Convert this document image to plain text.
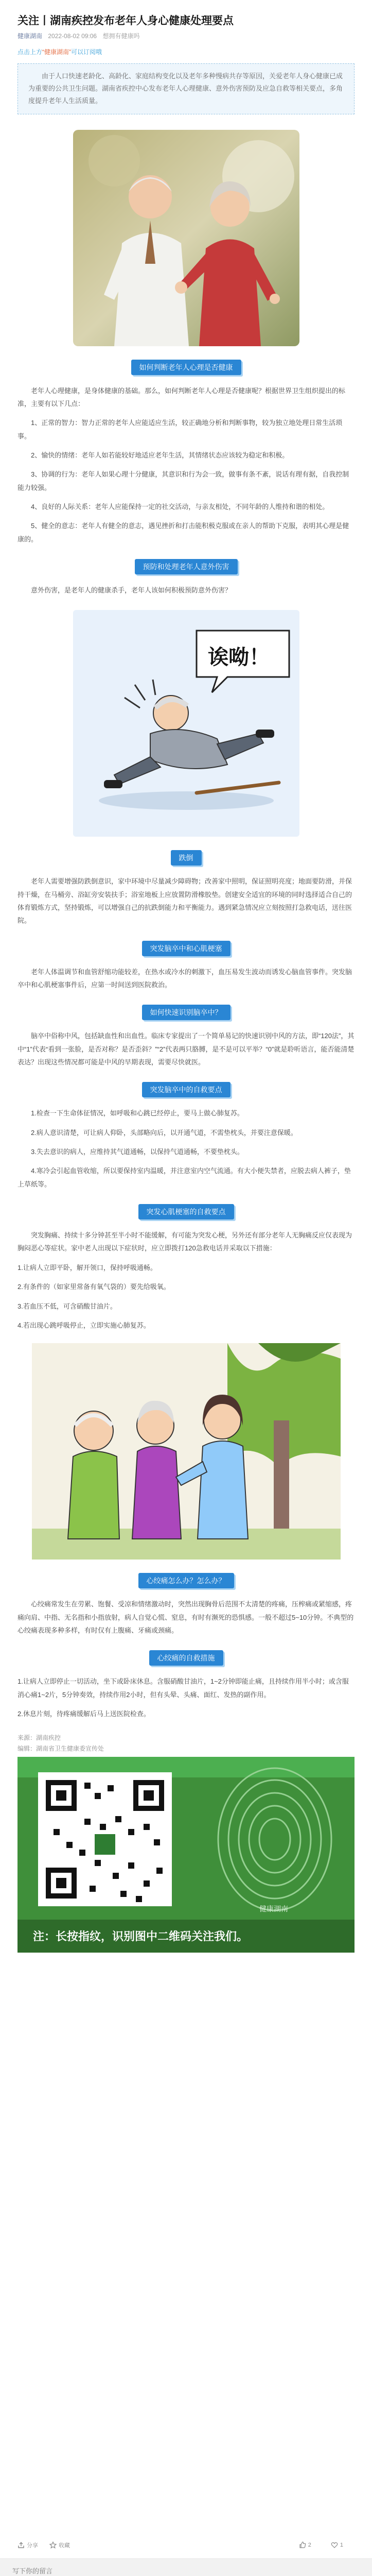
关注丨湖南疾控发布老年人身心健康处理要点
健康湖南 2022-08-02 09:06 想拥有健康吗
点击上方“健康湖南”可以订阅哦

由于人口快速老龄化、高龄化、家庭结构变化以及老年多种慢病共存等原因，关爱老年人身心健康已成为重要的公共卫生问题。湖南省疾控中心发布老年人心理健康、意外伤害预防及应急自救等相关要点，多角度提升老年人生活质量。

如何判断老年人心理是否健康

老年人心理健康，是身体健康的基础。那么，如何判断老年人心理是否健康呢？根据世界卫生组织提出的标准，主要有以下几点：

1、正常的智力：智力正常的老年人应能适应生活，较正确地分析和判断事物，较为独立地处理日常生活琐事。

2、愉快的情绪：老年人如若能较好地适应老年生活，其情绪状态应该较为稳定和积极。

3、协调的行为：老年人如果心理十分健康，其意识和行为会一致，做事有条不紊，说话有理有据，自我控制能力较强。

4、良好的人际关系：老年人应能保持一定的社交活动，与亲友相处，不同年龄的人维持和谐的相处。

5、健全的意志：老年人有健全的意志，遇见挫折和打击能积极克服或在亲人的帮助下克服，表明其心理是健康的。

预防和处理老年人意外伤害

意外伤害，是老年人的健康杀手，老年人该如何积极预防意外伤害？

诶呦！
跌倒

老年人需要增强防跌倒意识，家中环境中尽量减少障碍物；改善家中照明，保证照明亮度；地面要防滑，并保持干燥，在马桶旁、浴缸旁安装扶手；浴室地板上应放置防滑橡胶垫。创建安全适宜的环境的同时选择适合自己的体育锻炼方式，坚持锻炼，可以增强自己的抗跌倒能力和平衡能力。遇到紧急情况应立刻按照打急救电话，送往医院。

突发脑卒中和心肌梗塞

老年人体温调节和血管舒缩功能较差，在热水或冷水的刺激下，血压易发生波动而诱发心脑血管事件。突发脑卒中和心肌梗塞事件后，应第一时间送到医院救治。

如何快速识别脑卒中？

脑卒中俗称中风，包括缺血性和出血性。临床专家提出了一个简单易记的快速识别中风的方法，即“120法”，其中“1”代表“看到一张脸，是否对称？是否歪斜？”“2”代表两只胳膊，是不是可以平举？“0”就是聆听语言，能否能清楚表达？出现这些情况都可能是中风的早期表现，需要尽快就医。

突发脑卒中的自救要点

1.检查一下生命体征情况，如呼吸和心跳已经停止，要马上做心肺复苏。

2.病人意识清楚，可让病人仰卧，头部略向后，以开通气道，不需垫枕头，并要注意保暖。

3.失去意识的病人，应维持其气道通畅，以保持气道通畅，不要垫枕头。

4.寒冷会引起血管收缩，所以要保持室内温暖，并注意室内空气流通。有大小便失禁者，应脱去病人裤子，垫上草纸等。

突发心肌梗塞的自救要点

突发胸痛、持续十多分钟甚至半小时不能缓解，有可能为突发心梗，另外还有部分老年人无胸痛反应仅表现为胸闷恶心等症状。家中老人出现以下症状时，应立即拨打120急救电话并采取以下措施：

1.让病人立即平卧，解开领口，保持呼吸通畅。

2.有条件的（如家里常备有氧气袋的）要先给吸氧。

3.若血压不低，可含硝酸甘油片。

4.若出现心跳呼吸停止，立即实施心肺复苏。

心绞痛怎么办？怎么办？

心绞痛常发生在劳累、饱餐、受凉和情绪激动时，突然出现胸骨后范围不太清楚的疼痛，压榨痛或紧缩感，疼痛向肩、中指、无名指和小指放射，病人自觉心慌、窒息，有时有濒死的恐惧感。一般不超过5~10分钟。不典型的心绞痛表现多种多样，有时仅有上腹痛、牙痛或颈痛。

心绞痛的自救措施

1.让病人立即停止一切活动，坐下或卧床休息。含服硝酸甘油片，1~2分钟即能止痛，且持续作用半小时；或含服消心痛1~2片，5分钟奏效，持续作用2小时，但有头晕、头痛、面红、发热的副作用。

2.休息片刻，待疼痛缓解后马上送医院检查。

来源：湖南疾控
编辑：湖南省卫生健康委宣传处
注：长按指纹，识别图中二维码关注我们。
健康湖南
分享	收藏	2	1
写下你的留言
